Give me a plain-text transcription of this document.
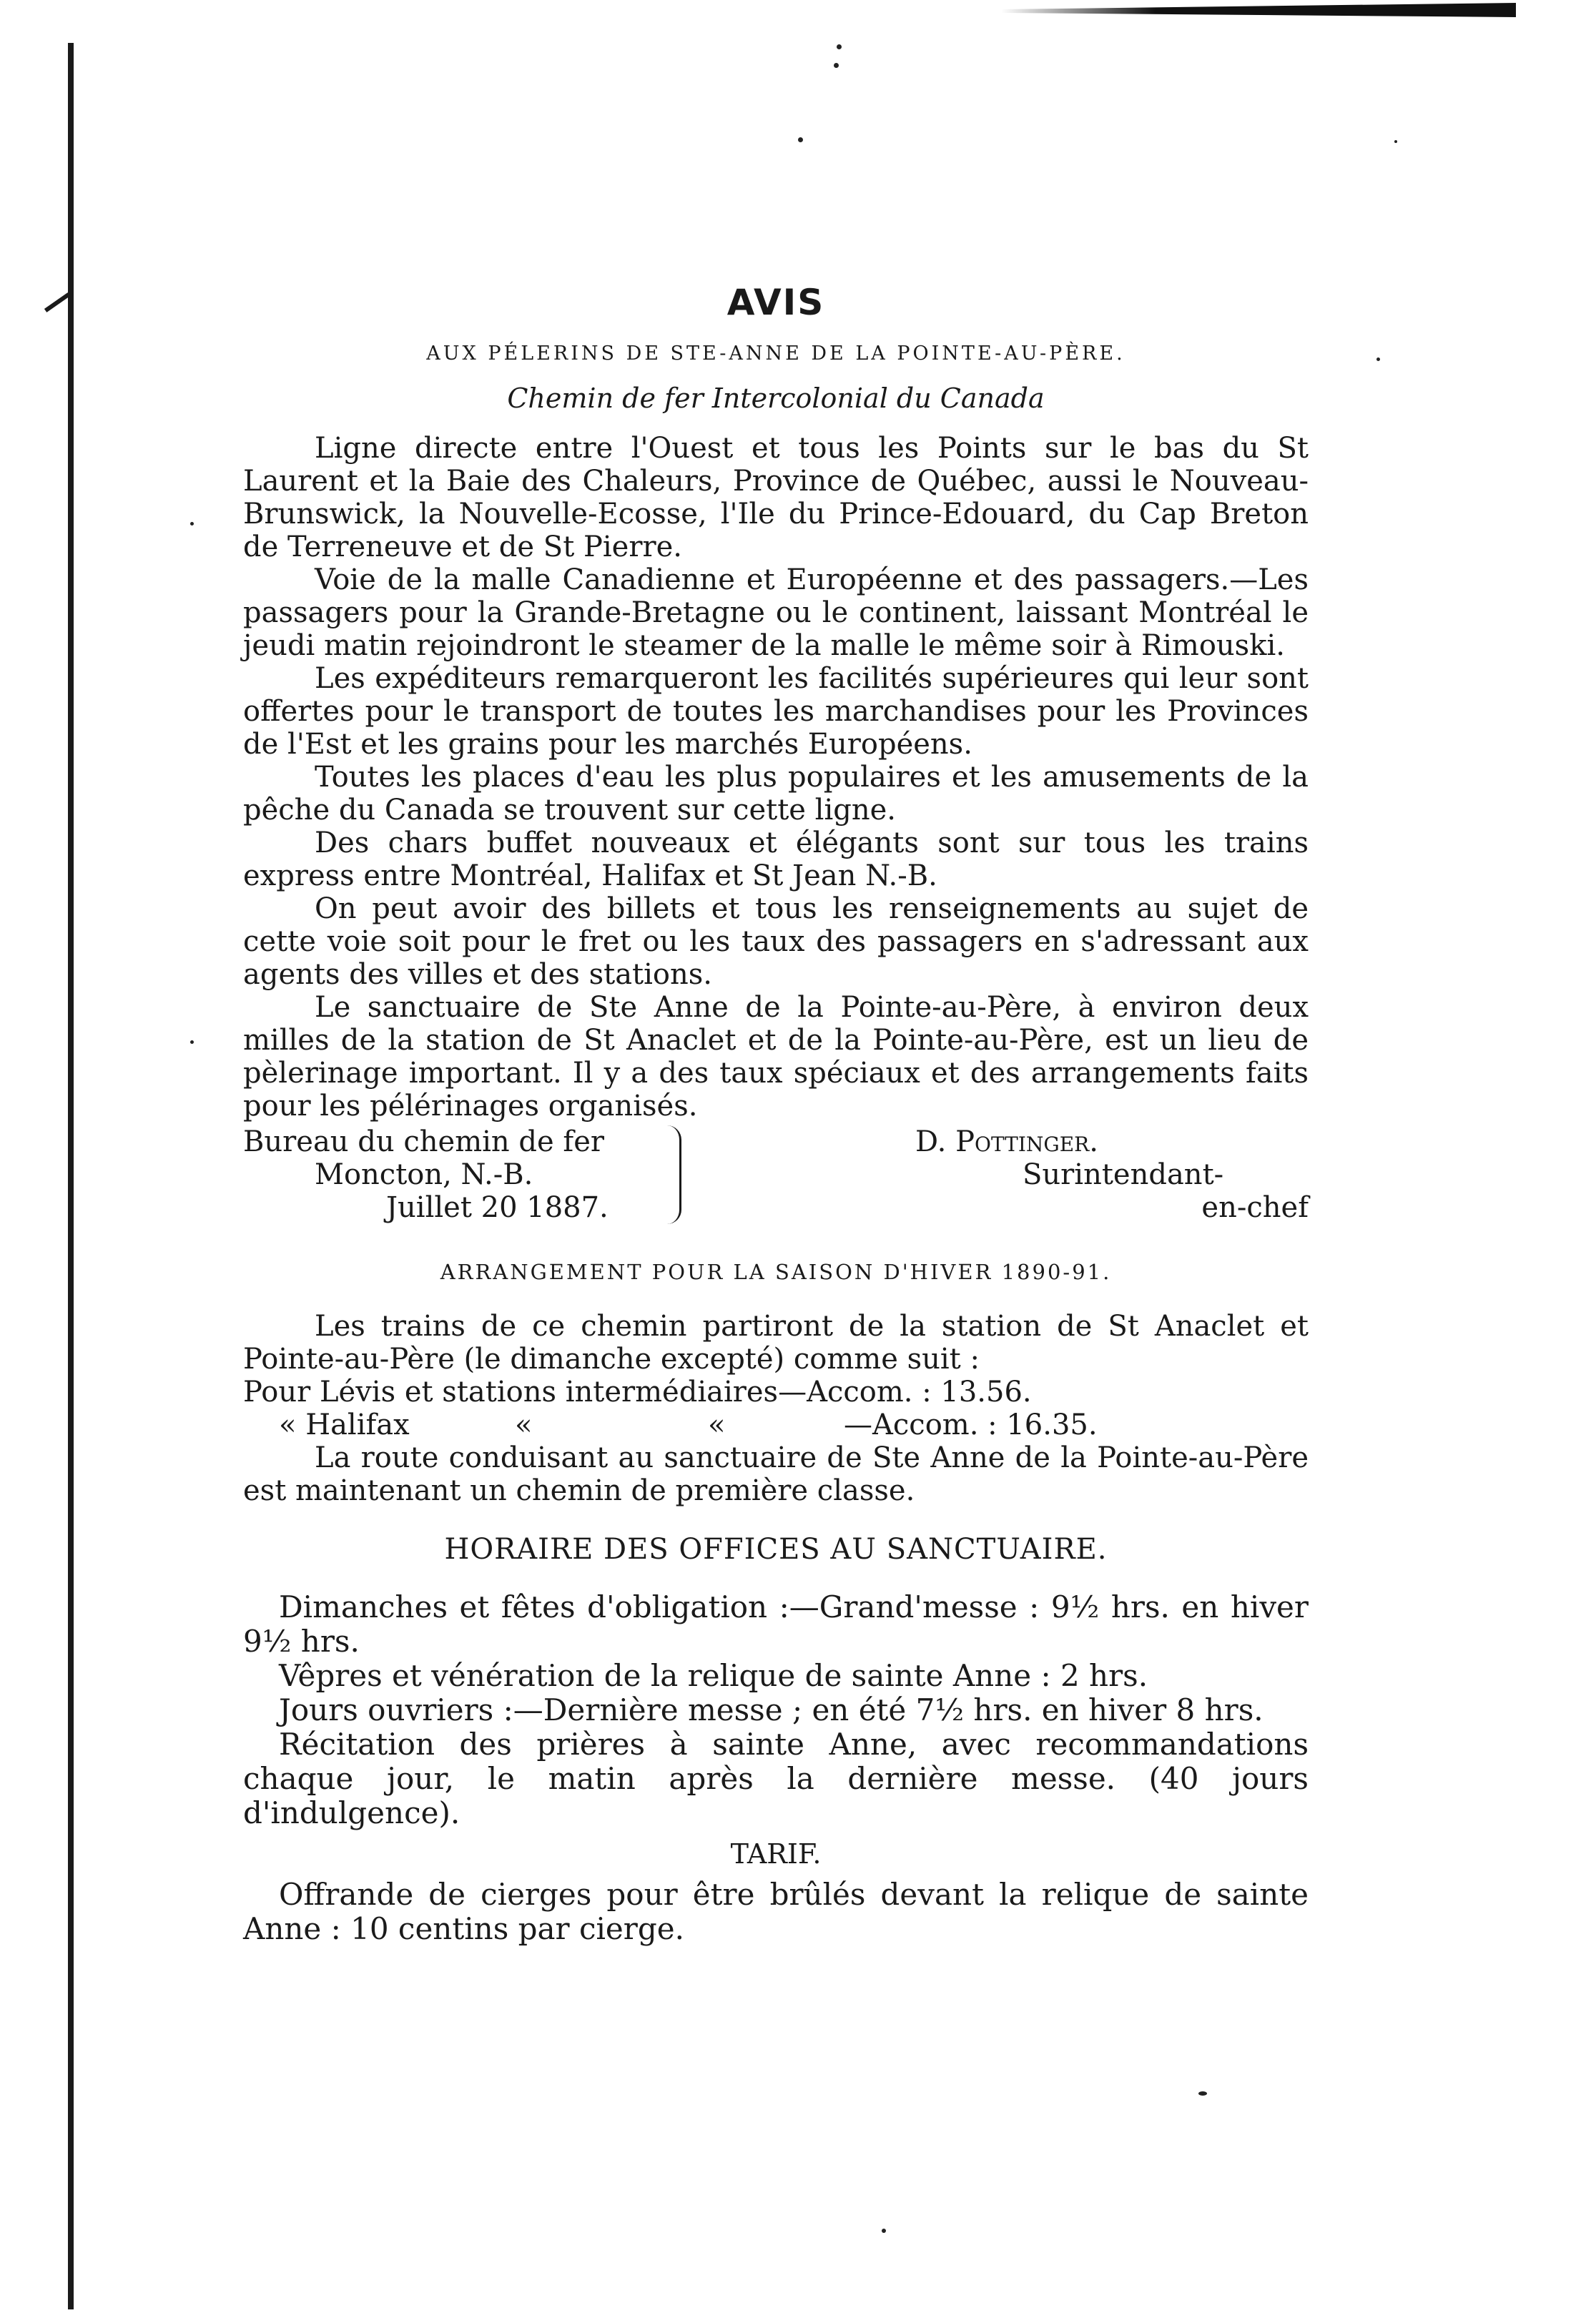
AVIS
AUX PÉLERINS DE STE-ANNE DE LA POINTE-AU-PÈRE.
Chemin de fer Intercolonial du Canada

Ligne directe entre l'Ouest et tous les Points sur le bas du St Laurent et la Baie des Chaleurs, Province de Québec, aussi le Nouveau-Brunswick, la Nouvelle-Ecosse, l'Ile du Prince-Edouard, du Cap Breton de Terreneuve et de St Pierre.

Voie de la malle Canadienne et Européenne et des passagers.—Les passagers pour la Grande-Bretagne ou le continent, laissant Montréal le jeudi matin rejoindront le steamer de la malle le même soir à Rimouski.

Les expéditeurs remarqueront les facilités supérieures qui leur sont offertes pour le transport de toutes les marchandises pour les Provinces de l'Est et les grains pour les marchés Européens.

Toutes les places d'eau les plus populaires et les amusements de la pêche du Canada se trouvent sur cette ligne.

Des chars buffet nouveaux et élégants sont sur tous les trains express entre Montréal, Halifax et St Jean N.-B.

On peut avoir des billets et tous les renseignements au sujet de cette voie soit pour le fret ou les taux des passagers en s'adressant aux agents des villes et des stations.

Le sanctuaire de Ste Anne de la Pointe-au-Père, à environ deux milles de la station de St Anaclet et de la Pointe-au-Père, est un lieu de pèlerinage important. Il y a des taux spéciaux et des arrangements faits pour les pélérinages organisés.

Bureau du chemin de fer
Moncton, N.-B.
Juillet 20 1887.
D. Pottinger.
Surintendant-
en-chef
ARRANGEMENT POUR LA SAISON D'HIVER 1890-91.

Les trains de ce chemin partiront de la station de St Anaclet et Pointe-au-Père (le dimanche excepté) comme suit :

Pour Lévis et stations intermédiaires—Accom. : 13.56.

« Halifax	«	«	—Accom. : 16.35.

La route conduisant au sanctuaire de Ste Anne de la Pointe-au-Père est maintenant un chemin de première classe.

HORAIRE DES OFFICES AU SANCTUAIRE.

Dimanches et fêtes d'obligation :—Grand'messe : 9½ hrs. en hiver 9½ hrs.

Vêpres et vénération de la relique de sainte Anne : 2 hrs.

Jours ouvriers :—Dernière messe ; en été 7½ hrs. en hiver 8 hrs.

Récitation des prières à sainte Anne, avec recommandations chaque jour, le matin après la dernière messe. (40 jours d'indulgence).

TARIF.

Offrande de cierges pour être brûlés devant la relique de sainte Anne : 10 centins par cierge.
